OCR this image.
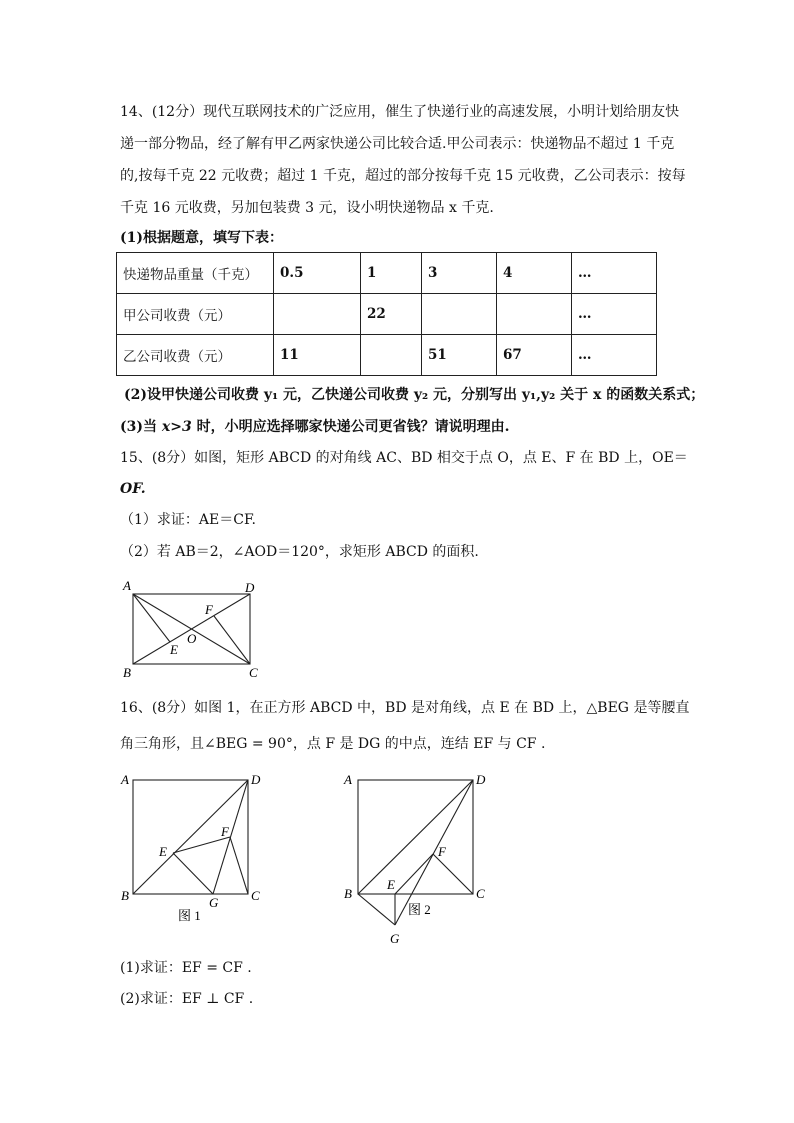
14、(12分）现代互联网技术的广泛应用，催生了快递行业的高速发展，小明计划给朋友快
递一部分物品，经了解有甲乙两家快递公司比较合适.甲公司表示：快递物品不超过 1 千克
的,按每千克 22 元收费；超过 1 千克，超过的部分按每千克 15 元收费，乙公司表示：按每
千克 16 元收费，另加包装费 3 元，设小明快递物品 x 千克.
(1)根据题意，填写下表：
快递物品重量（千克）	0.5	1	3	4	…
甲公司收费（元）		22			…
乙公司收费（元）	11		51	67	…
(2)设甲快递公司收费 y₁ 元，乙快递公司收费 y₂ 元，分别写出 y₁,y₂ 关于 x 的函数关系式；
(3)当 x>3 时，小明应选择哪家快递公司更省钱？请说明理由.
15、(8分）如图，矩形 ABCD 的对角线 AC、BD 相交于点 O，点 E、F 在 BD 上，OE＝
OF.
（1）求证：AE＝CF.
（2）若 AB＝2，∠AOD＝120°，求矩形 ABCD 的面积.
A	D
B	C
F
O
E
16、(8分）如图 1，在正方形 ABCD 中，BD 是对角线，点 E 在 BD 上，△BEG 是等腰直
角三角形，且∠BEG = 90°，点 F 是 DG 的中点，连结 EF 与 CF .
A	D
F
E
B	G	C
图 1
A	D
F
E
B	C
图 2
G
(1)求证：EF = CF .
(2)求证：EF ⊥ CF .
